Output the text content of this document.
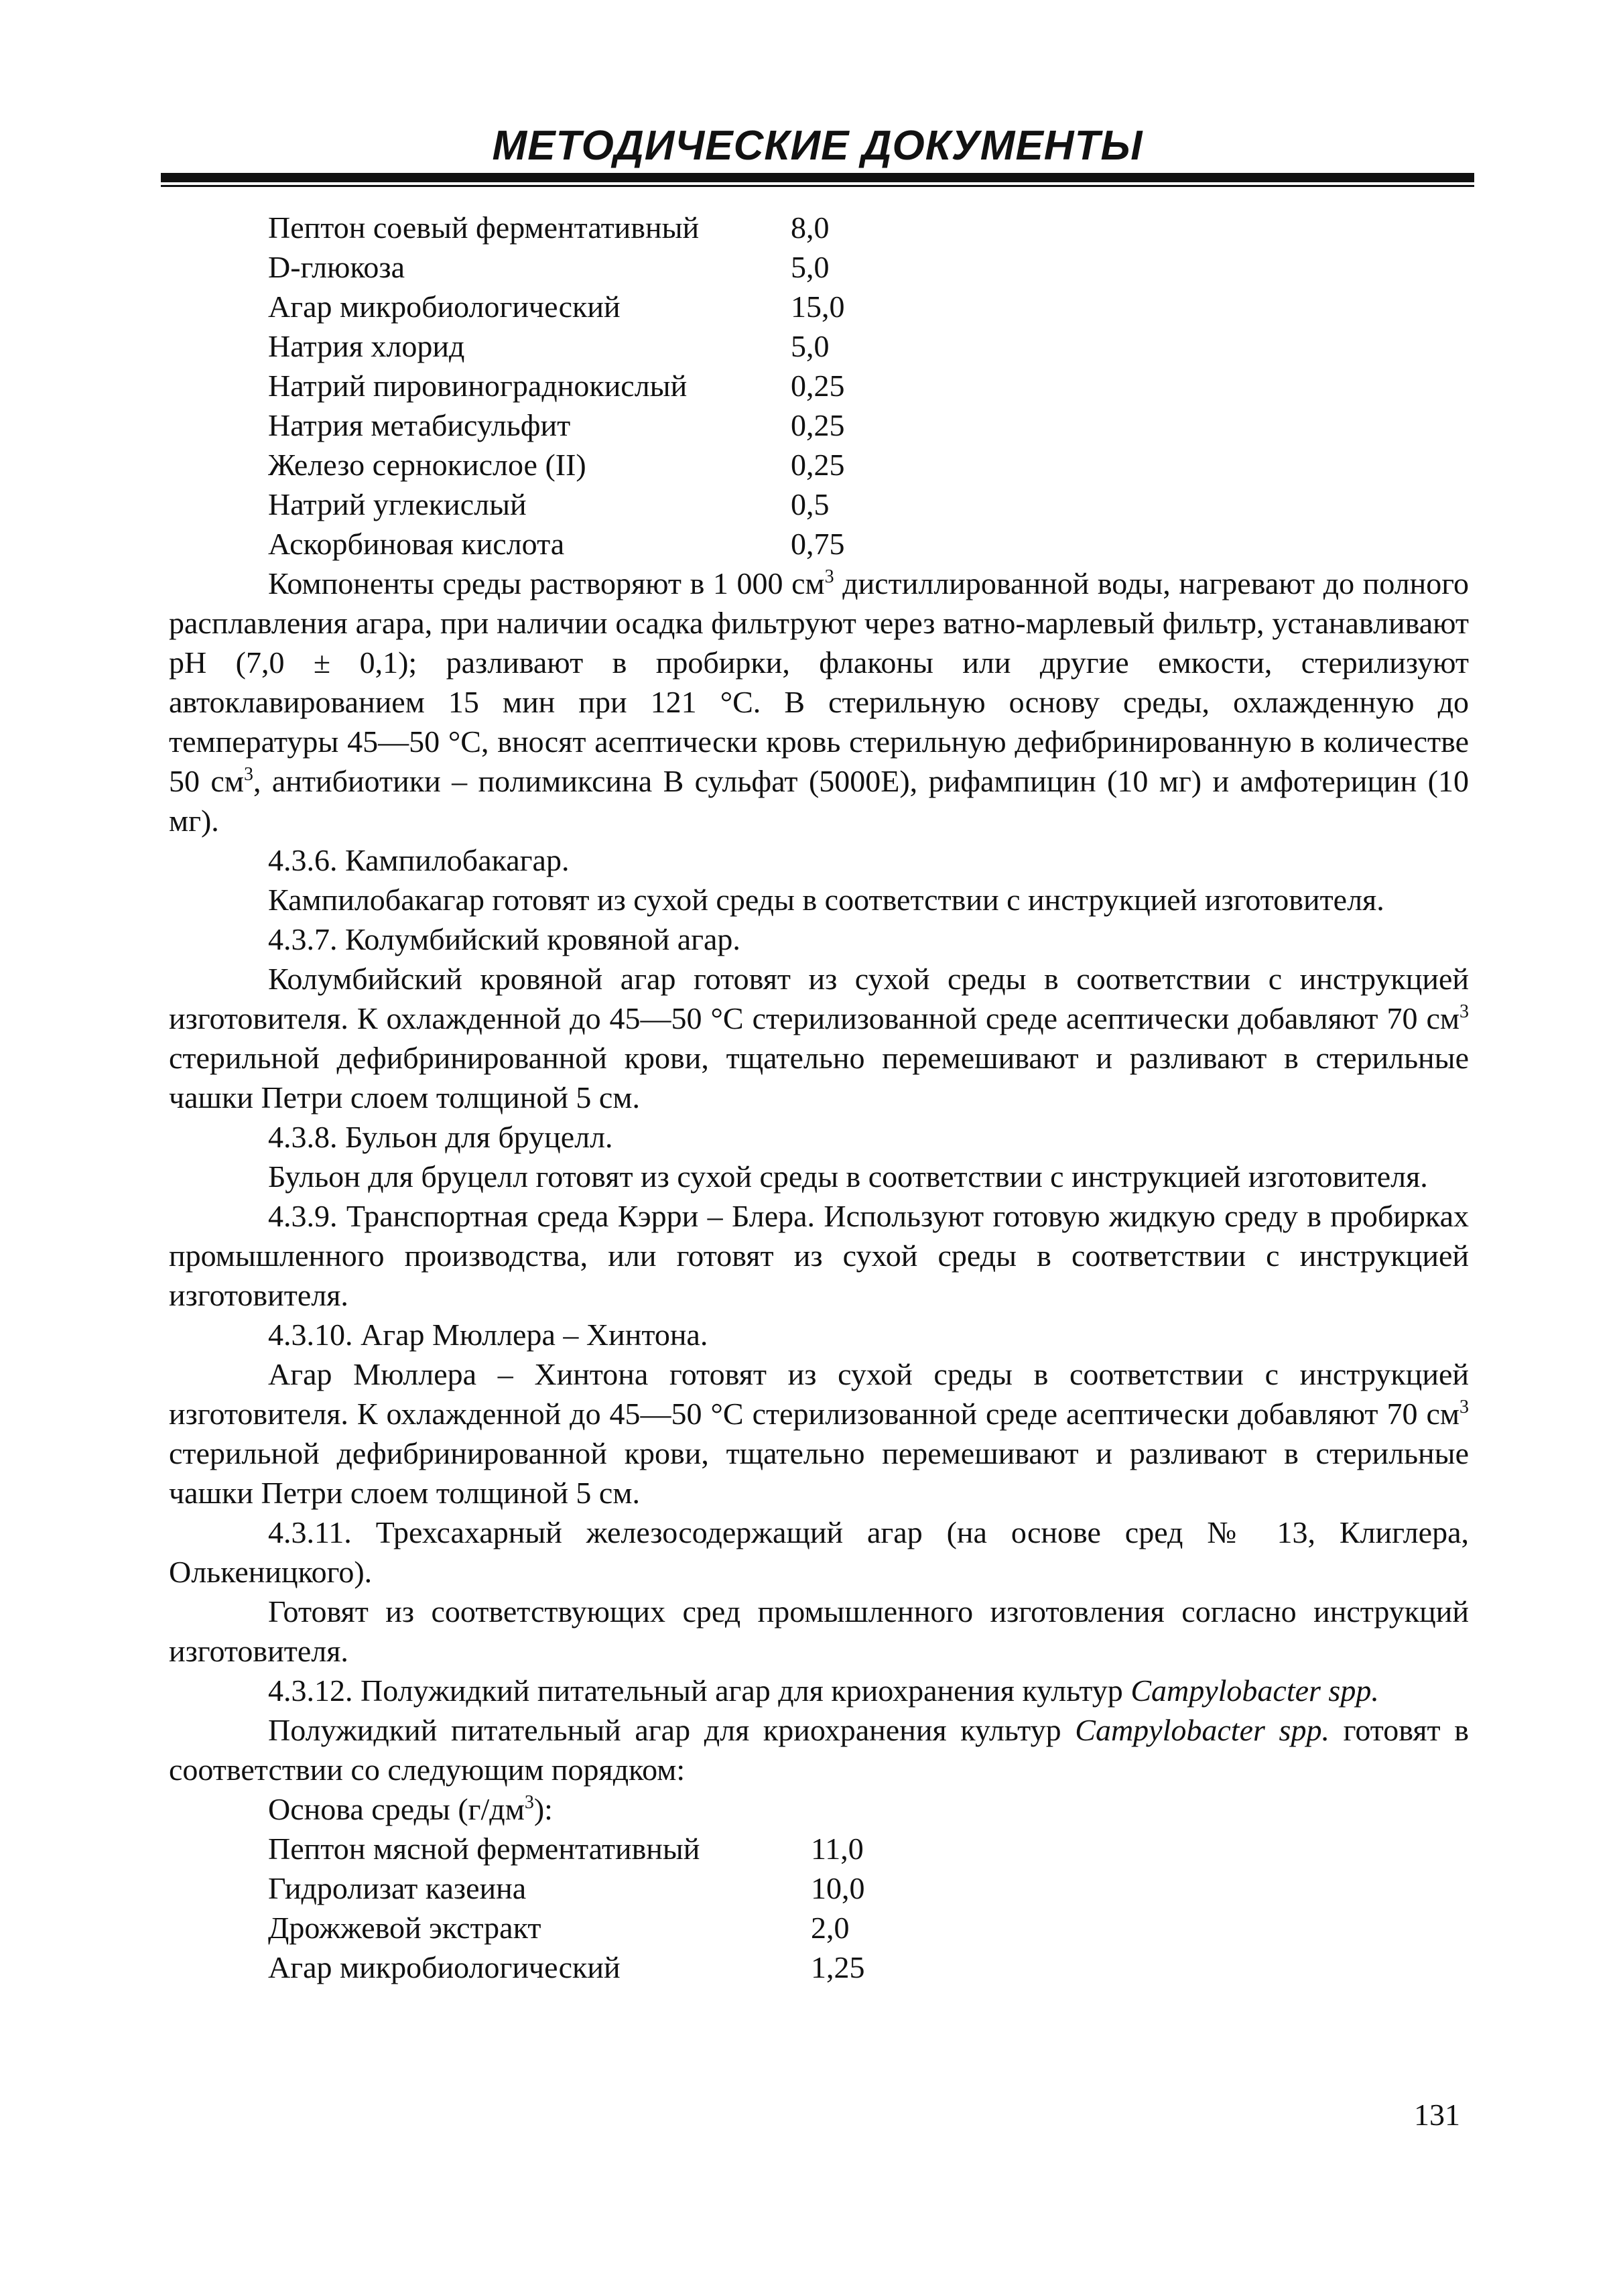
МЕТОДИЧЕСКИЕ ДОКУМЕНТЫ
Пептон соевый ферментативный	8,0
D-глюкоза	5,0
Агар микробиологический	15,0
Натрия хлорид	5,0
Натрий пировинограднокислый	0,25
Натрия метабисульфит	0,25
Железо сернокислое (II)	0,25
Натрий углекислый	0,5
Аскорбиновая кислота	0,75

Компоненты среды растворяют в 1 000 $см^3$ дистиллированной воды, нагревают до полного расплавления агара, при наличии осадка фильтруют через ватно-марлевый фильтр, устанавливают pH (7,0 ± 0,1); разливают в пробирки, флаконы или другие емкости, стерилизуют автоклавированием 15 мин при 121 °С. В стерильную основу среды, охлажденную до температуры 45—50 °С, вносят асептически кровь стерильную дефибринированную в количестве 50 $см^3$, антибиотики – полимиксина В сульфат (5000Е), рифампицин (10 мг) и амфотерицин (10 мг).

4.3.6. Кампилобакагар.

Кампилобакагар готовят из сухой среды в соответствии с инструкцией изготовителя.

4.3.7. Колумбийский кровяной агар.

Колумбийский кровяной агар готовят из сухой среды в соответствии с инструкцией изготовителя. К охлажденной до 45—50 °С стерилизованной среде асептически добавляют 70 $см^3$ стерильной дефибринированной крови, тщательно перемешивают и разливают в стерильные чашки Петри слоем толщиной 5 см.

4.3.8. Бульон для бруцелл.

Бульон для бруцелл готовят из сухой среды в соответствии с инструкцией изготовителя.

4.3.9. Транспортная среда Кэрри – Блера. Используют готовую жидкую среду в пробирках промышленного производства, или готовят из сухой среды в соответствии с инструкцией изготовителя.

4.3.10. Агар Мюллера – Хинтона.

Агар Мюллера – Хинтона готовят из сухой среды в соответствии с инструкцией изготовителя. К охлажденной до 45—50 °С стерилизованной среде асептически добавляют 70 $см^3$ стерильной дефибринированной крови, тщательно перемешивают и разливают в стерильные чашки Петри слоем толщиной 5 см.

4.3.11. Трехсахарный железосодержащий агар (на основе сред № 13, Клиглера, Олькеницкого).

Готовят из соответствующих сред промышленного изготовления согласно инструкций изготовителя.

4.3.12. Полужидкий питательный агар для криохранения культур Campylobacter spp.

Полужидкий питательный агар для криохранения культур Campylobacter spp. готовят в соответствии со следующим порядком:

Основа среды $(г/дм^3)$:

Пептон мясной ферментативный	11,0
Гидролизат казеина	10,0
Дрожжевой экстракт	2,0
Агар микробиологический	1,25
131
